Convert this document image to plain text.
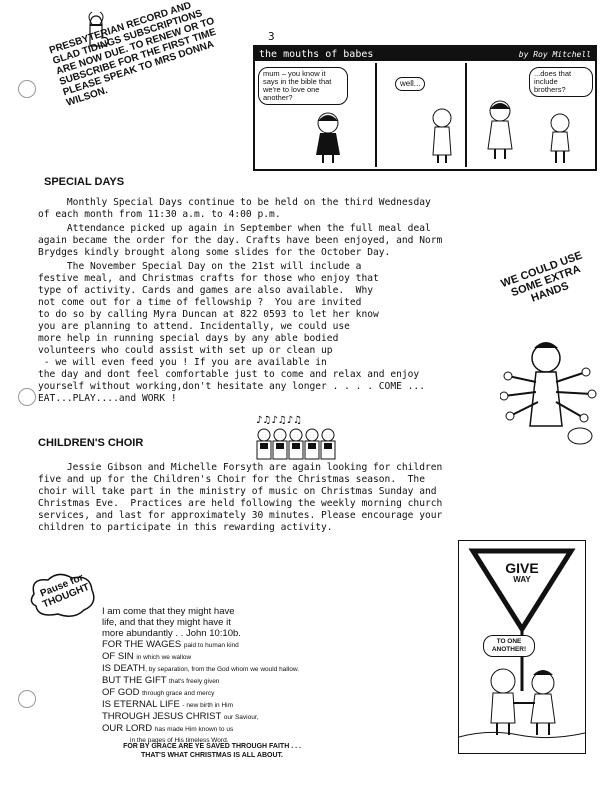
3
PRESBYTERIAN RECORD AND GLAD TIDINGS SUBSCRIPTIONS ARE NOW DUE. TO RENEW OR TO SUBSCRIBE FOR THE FIRST TIME PLEASE SPEAK TO MRS DONNA WILSON.
the mouths of babes	by Roy Mitchell
mum – you know it says in the bible that we're to love one another?
well...
...does that include brothers?
SPECIAL DAYS
Monthly Special Days continue to be held on the third Wednesday
of each month from 11:30 a.m. to 4:00 p.m.
Attendance picked up again in September when the full meal deal
again became the order for the day. Crafts have been enjoyed, and Norm
Brydges kindly brought along some slides for the October Day.
The November Special Day on the 21st will include a
festive meal, and Christmas crafts for those who enjoy that
type of activity. Cards and games are also available.  Why
not come out for a time of fellowship ?  You are invited
to do so by calling Myra Duncan at 822 0593 to let her know
you are planning to attend. Incidentally, we could use
more help in running special days by any able bodied
volunteers who could assist with set up or clean up
- we will even feed you ! If you are available in
the day and dont feel comfortable just to come and relax and enjoy
yourself without working,don't hesitate any longer . . . . COME ...
EAT...PLAY....and WORK !
WE COULD USE SOME EXTRA HANDS
♪♫♪♫♪♫
CHILDREN'S CHOIR
Jessie Gibson and Michelle Forsyth are again looking for children
five and up for the Children's Choir for the Christmas season.  The
choir will take part in the ministry of music on Christmas Sunday and
Christmas Eve.  Practices are held following the weekly morning church
services, and last for approximately 30 minutes. Please encourage your
children to participate in this rewarding activity.
Pause for THOUGHT
I am come that they might have
life, and that they might have it
more abundantly . . John 10:10b.
FOR THE WAGES paid to human kind
OF SIN in which we wallow
IS DEATH, by separation, from the God whom we would hallow.
BUT THE GIFT that's freely given
OF GOD through grace and mercy
IS ETERNAL LIFE - new birth in Him
THROUGH JESUS CHRIST our Saviour,
OUR LORD has made Him known to us
in the pages of His timeless Word.
FOR BY GRACE ARE YE SAVED THROUGH FAITH . . .
THAT'S WHAT CHRISTMAS IS ALL ABOUT.
GIVE
WAY
TO ONE ANOTHER!
